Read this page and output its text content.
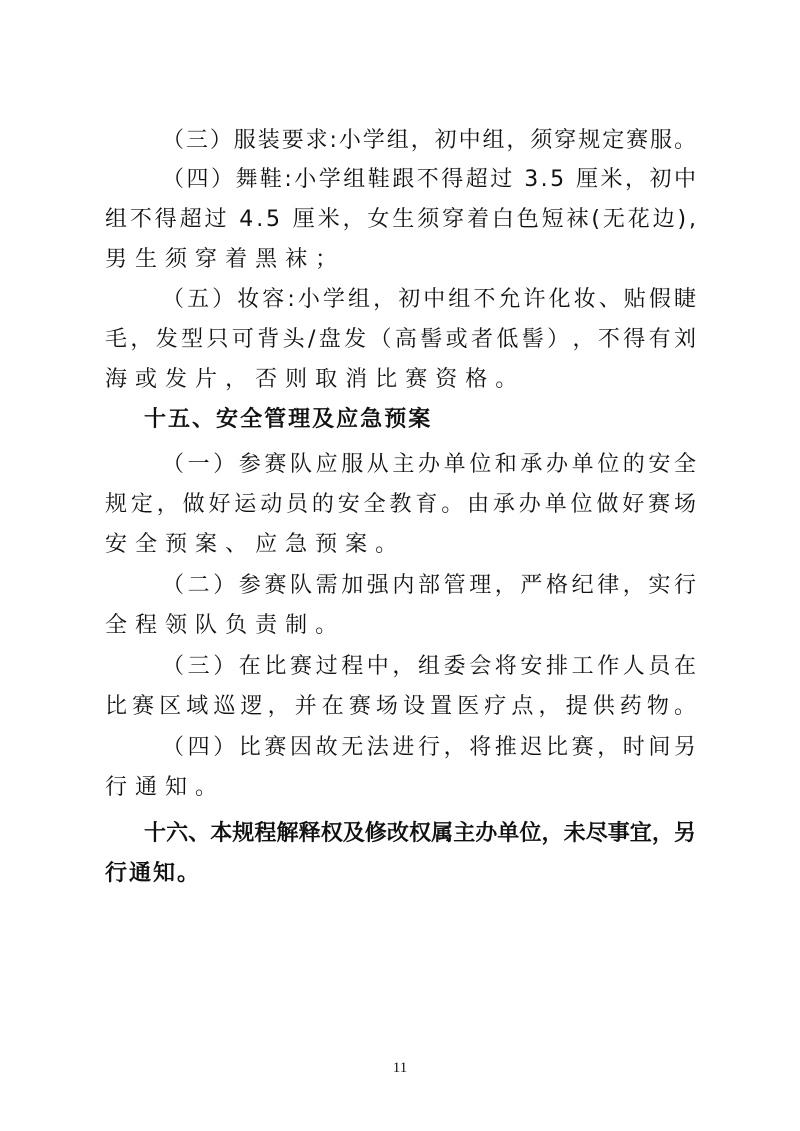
（ 三 ） 服 装 要 求 : 小 学 组 ， 初 中 组 ， 须 穿 规 定 赛 服 。
（ 四 ） 舞 鞋 : 小 学 组 鞋 跟 不 得 超 过 3 . 5 厘 米 ， 初 中
组 不 得 超 过 4 . 5 厘 米 ， 女 生 须 穿 着 白 色 短 袜 ( 无 花 边 ) ,
男 生 须 穿 着 黑 袜 ；
（ 五 ） 妆 容 : 小 学 组 ， 初 中 组 不 允 许 化 妆 、 贴 假 睫
毛 ， 发 型 只 可 背 头 / 盘 发 （ 高 髻 或 者 低 髻 ） ， 不 得 有 刘
海 或 发 片 ， 否 则 取 消 比 赛 资 格 。
十 五 、 安 全 管 理 及 应 急 预 案
（ 一 ） 参 赛 队 应 服 从 主 办 单 位 和 承 办 单 位 的 安 全
规 定 ， 做 好 运 动 员 的 安 全 教 育 。 由 承 办 单 位 做 好 赛 场
安 全 预 案 、 应 急 预 案 。
（ 二 ） 参 赛 队 需 加 强 内 部 管 理 ， 严 格 纪 律 ， 实 行
全 程 领 队 负 责 制 。
（ 三 ） 在 比 赛 过 程 中 ， 组 委 会 将 安 排 工 作 人 员 在
比 赛 区 域 巡 逻 ， 并 在 赛 场 设 置 医 疗 点 ， 提 供 药 物 。
（ 四 ） 比 赛 因 故 无 法 进 行 ， 将 推 迟 比 赛 ， 时 间 另
行 通 知 。
十 六 、 本 规 程 解 释 权 及 修 改 权 属 主 办 单 位 ， 未 尽 事 宜 ， 另
行 通 知 。
11
